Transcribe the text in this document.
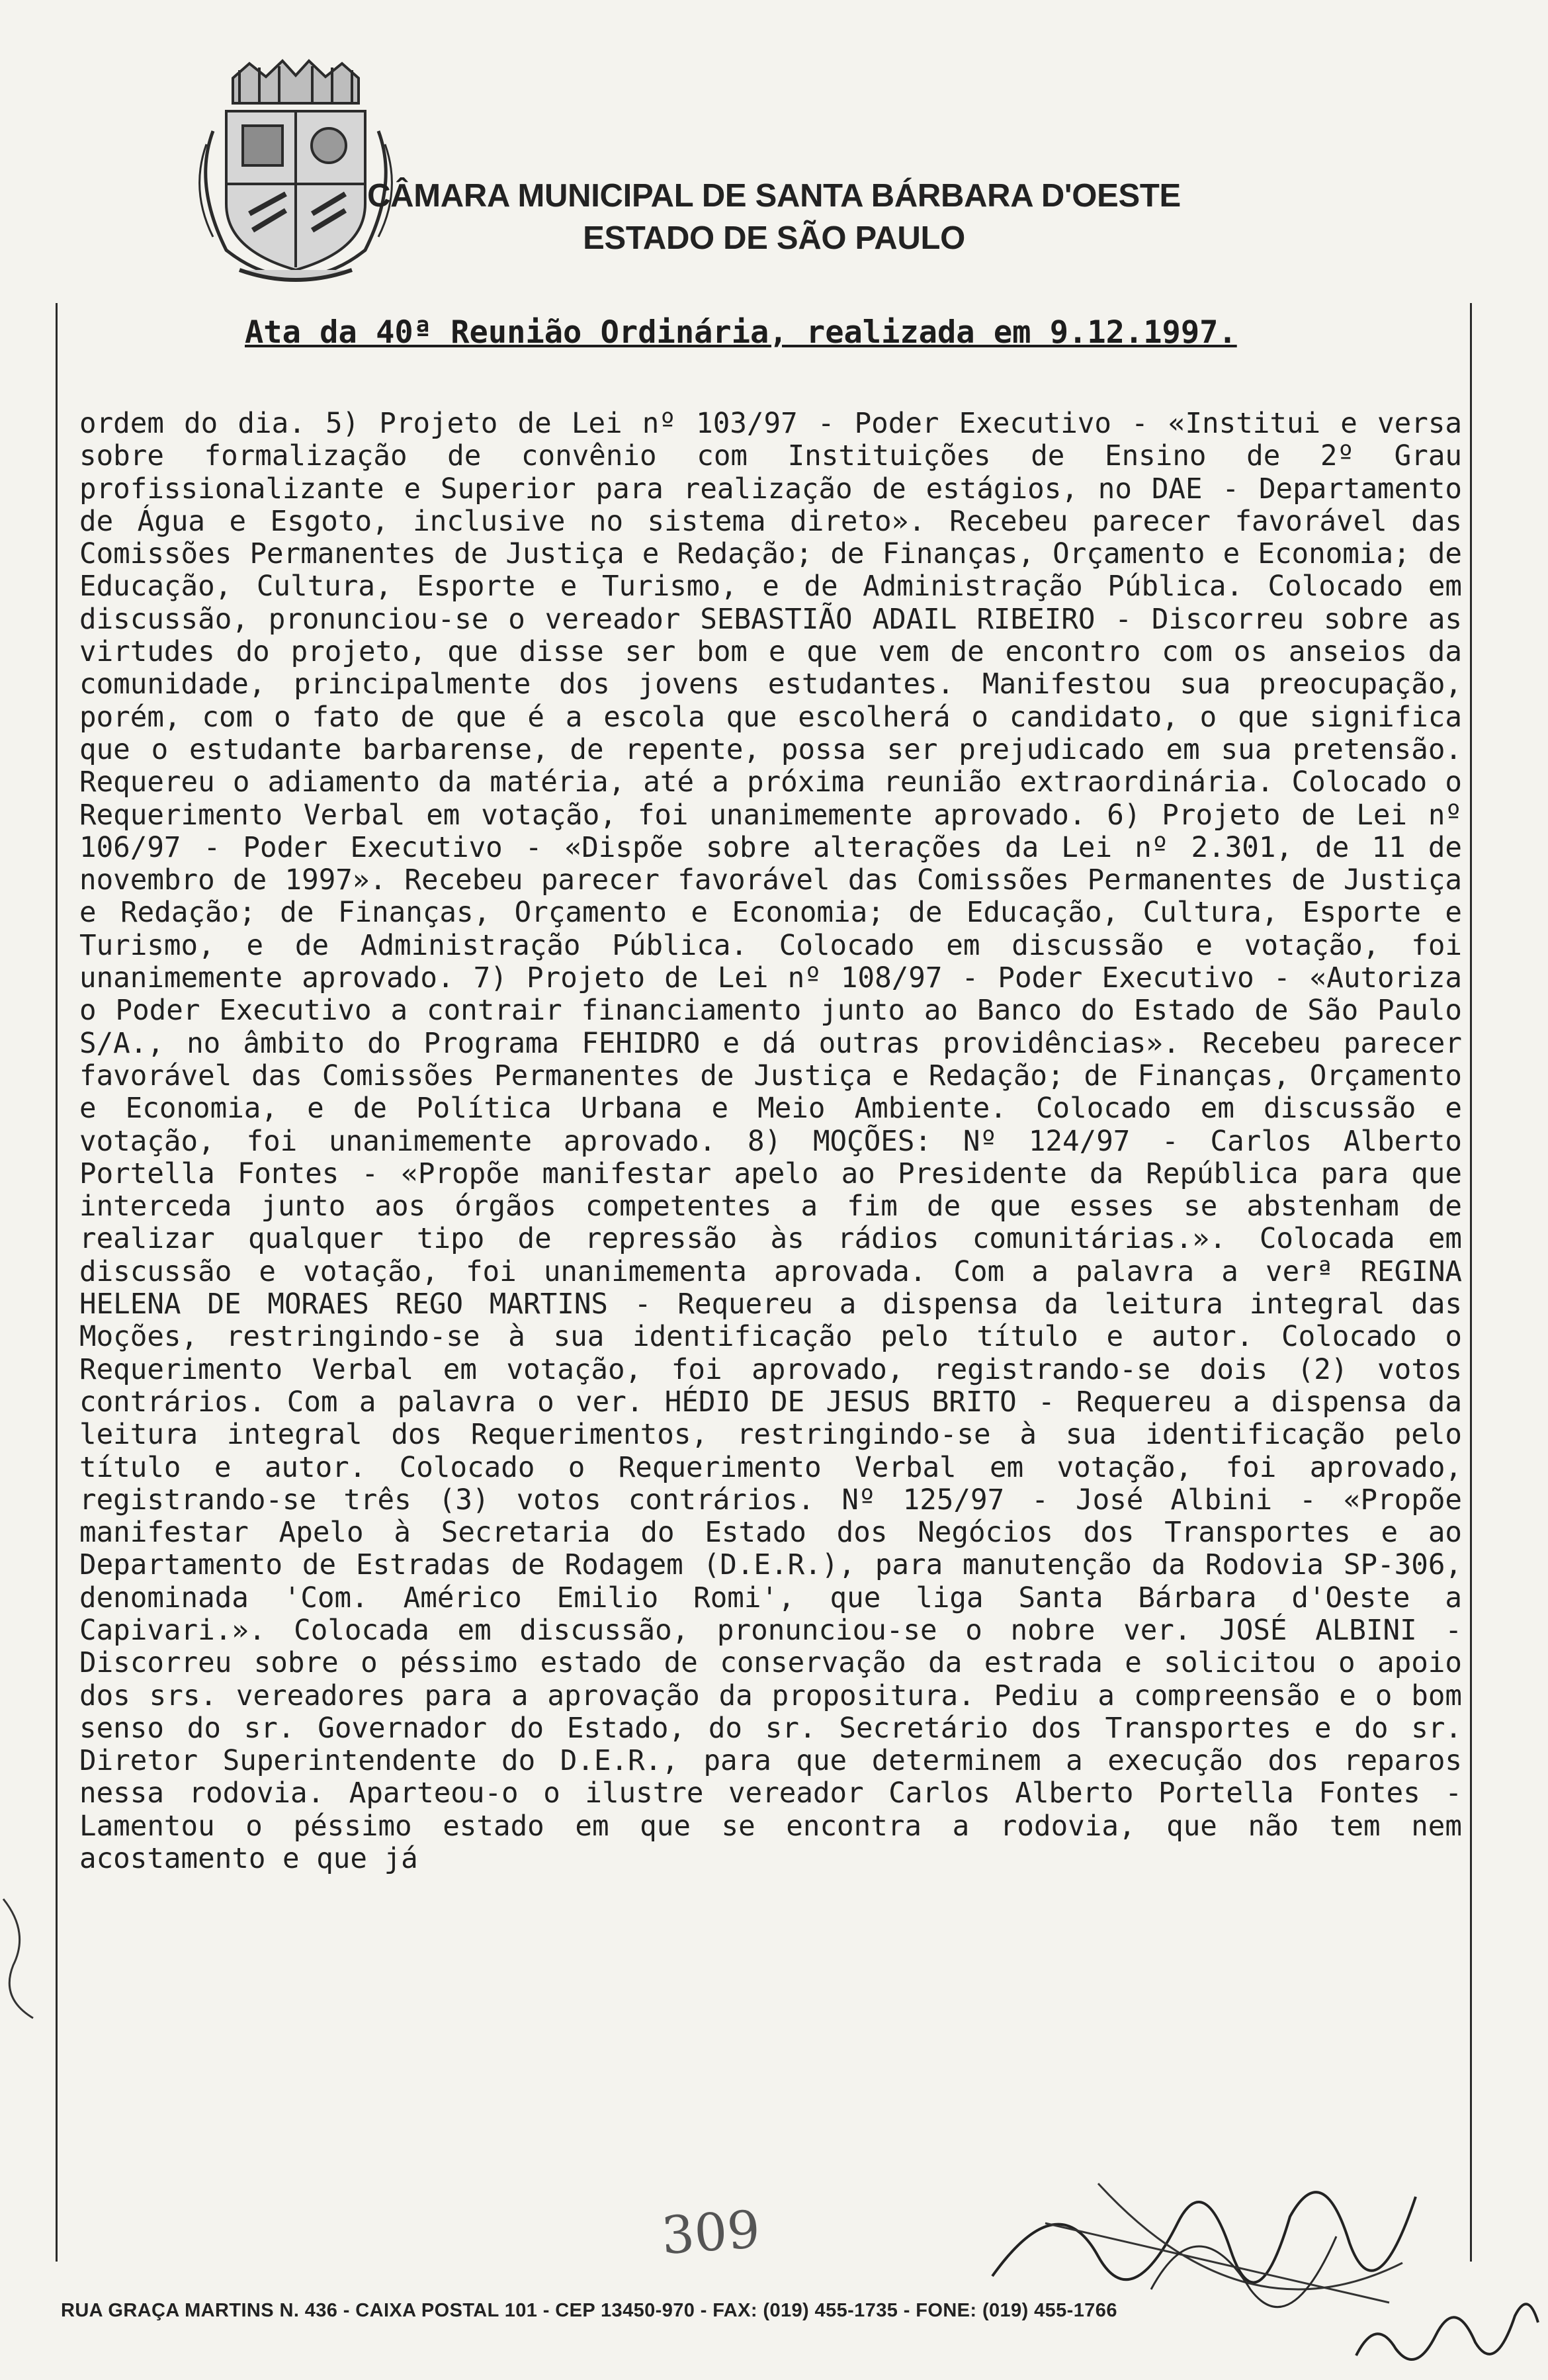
CÂMARA MUNICIPAL DE SANTA BÁRBARA D'OESTE
ESTADO DE SÃO PAULO
Ata da 40ª Reunião Ordinária, realizada em 9.12.1997.
ordem do dia. 5) Projeto de Lei nº 103/97 - Poder Executivo - «Institui e versa sobre formalização de convênio com Instituições de Ensino de 2º Grau profissionalizante e Superior para realização de estágios, no DAE - Departamento de Água e Esgoto, inclusive no sistema direto». Recebeu parecer favorável das Comissões Permanentes de Justiça e Redação; de Finanças, Orçamento e Economia; de Educação, Cultura, Esporte e Turismo, e de Administração Pública. Colocado em discussão, pronunciou-se o vereador SEBASTIÃO ADAIL RIBEIRO - Discorreu sobre as virtudes do projeto, que disse ser bom e que vem de encontro com os anseios da comunidade, principalmente dos jovens estudantes. Manifestou sua preocupação, porém, com o fato de que é a escola que escolherá o candidato, o que significa que o estudante barbarense, de repente, possa ser prejudicado em sua pretensão. Requereu o adiamento da matéria, até a próxima reunião extraordinária. Colocado o Requerimento Verbal em votação, foi unanimemente aprovado. 6) Projeto de Lei nº 106/97 - Poder Executivo - «Dispõe sobre alterações da Lei nº 2.301, de 11 de novembro de 1997». Recebeu parecer favorável das Comissões Permanentes de Justiça e Redação; de Finanças, Orçamento e Economia; de Educação, Cultura, Esporte e Turismo, e de Administração Pública. Colocado em discussão e votação, foi unanimemente aprovado. 7) Projeto de Lei nº 108/97 - Poder Executivo - «Autoriza o Poder Executivo a contrair financiamento junto ao Banco do Estado de São Paulo S/A., no âmbito do Programa FEHIDRO e dá outras providências». Recebeu parecer favorável das Comissões Permanentes de Justiça e Redação; de Finanças, Orçamento e Economia, e de Política Urbana e Meio Ambiente. Colocado em discussão e votação, foi unanimemente aprovado. 8) MOÇÕES: Nº 124/97 - Carlos Alberto Portella Fontes - «Propõe manifestar apelo ao Presidente da República para que interceda junto aos órgãos competentes a fim de que esses se abstenham de realizar qualquer tipo de repressão às rádios comunitárias.». Colocada em discussão e votação, foi unanimementa aprovada. Com a palavra a verª REGINA HELENA DE MORAES REGO MARTINS - Requereu a dispensa da leitura integral das Moções, restringindo-se à sua identificação pelo título e autor. Colocado o Requerimento Verbal em votação, foi aprovado, registrando-se dois (2) votos contrários. Com a palavra o ver. HÉDIO DE JESUS BRITO - Requereu a dispensa da leitura integral dos Requerimentos, restringindo-se à sua identificação pelo título e autor. Colocado o Requerimento Verbal em votação, foi aprovado, registrando-se três (3) votos contrários. Nº 125/97 - José Albini - «Propõe manifestar Apelo à Secretaria do Estado dos Negócios dos Transportes e ao Departamento de Estradas de Rodagem (D.E.R.), para manutenção da Rodovia SP-306, denominada 'Com. Américo Emilio Romi', que liga Santa Bárbara d'Oeste a Capivari.». Colocada em discussão, pronunciou-se o nobre ver. JOSÉ ALBINI - Discorreu sobre o péssimo estado de conservação da estrada e solicitou o apoio dos srs. vereadores para a aprovação da propositura. Pediu a compreensão e o bom senso do sr. Governador do Estado, do sr. Secretário dos Transportes e do sr. Diretor Superintendente do D.E.R., para que determinem a execução dos reparos nessa rodovia. Aparteou-o o ilustre vereador Carlos Alberto Portella Fontes - Lamentou o péssimo estado em que se encontra a rodovia, que não tem nem acostamento e que já
309
RUA GRAÇA MARTINS N. 436 - CAIXA POSTAL 101 - CEP 13450-970 - FAX: (019) 455-1735 - FONE: (019) 455-1766
